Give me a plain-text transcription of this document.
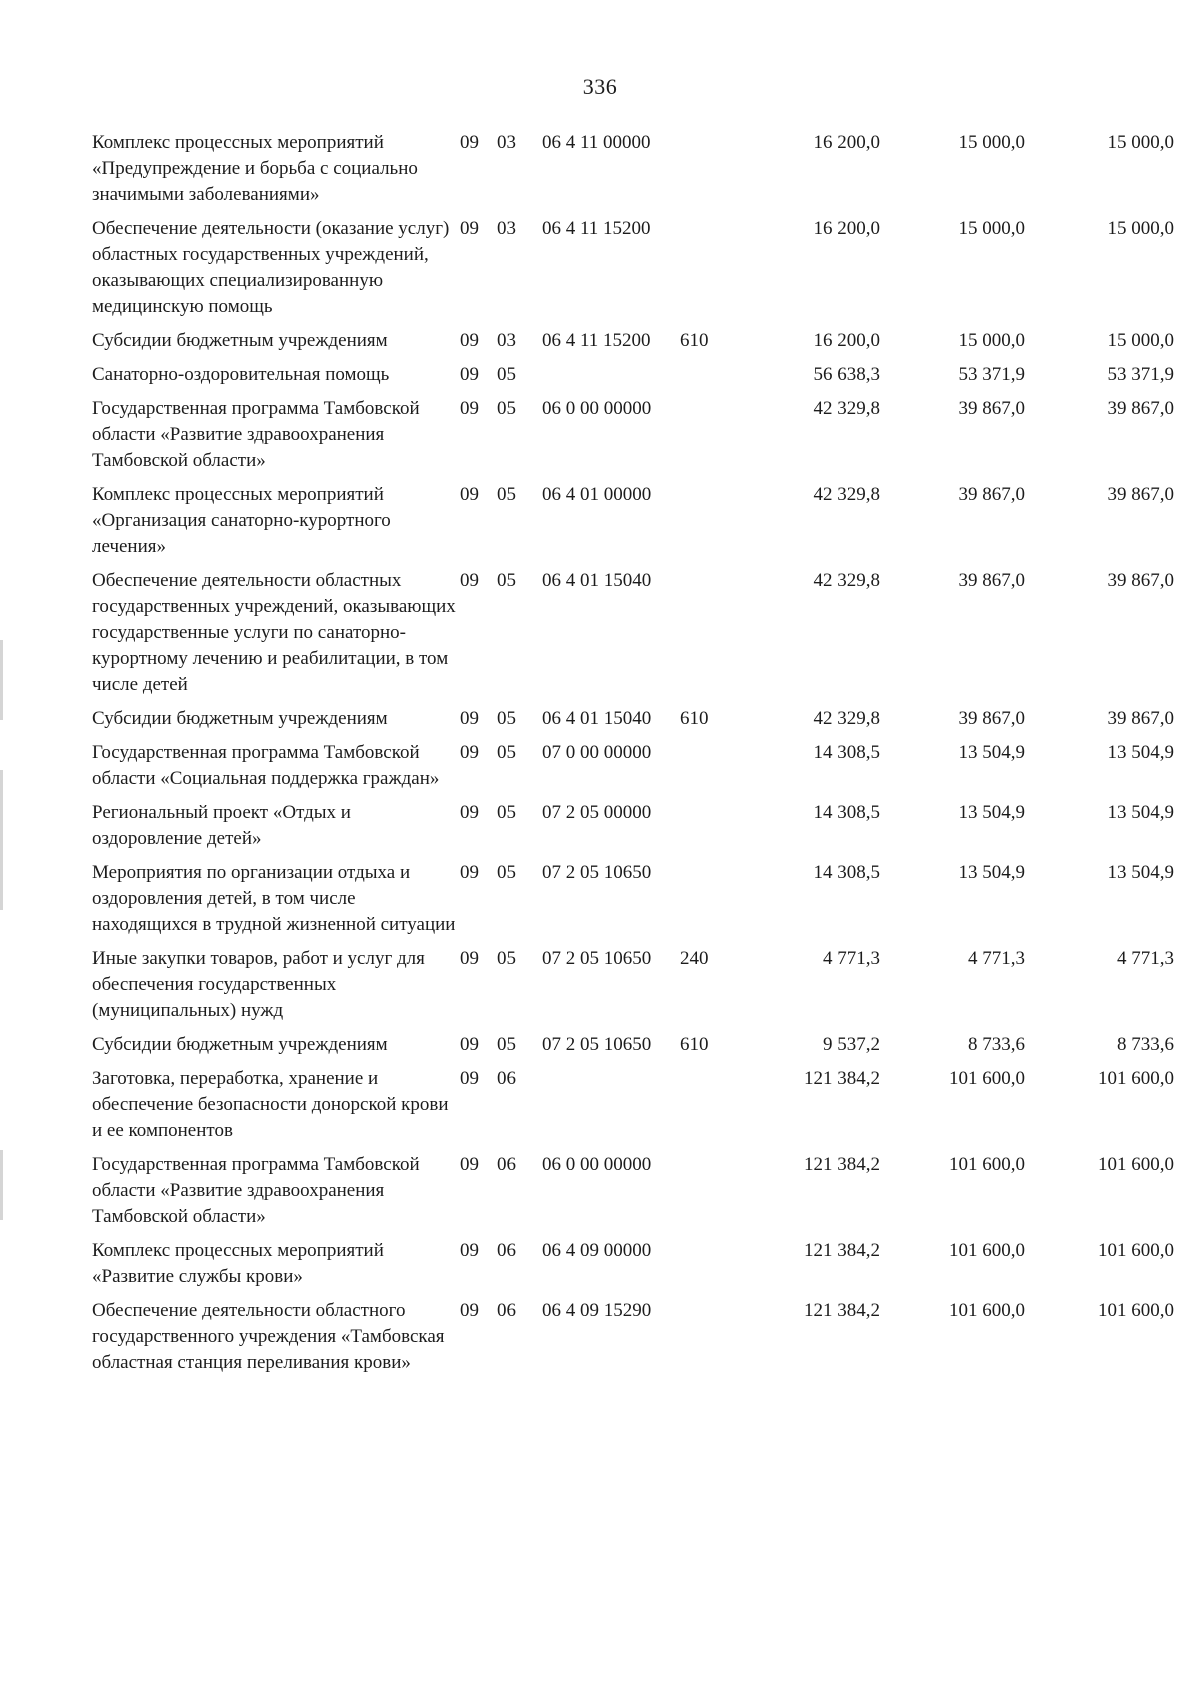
336
Комплекс процессных мероприятий «Предупреждение и борьба с социально значимыми заболеваниями»	09	03	06 4 11 00000		16 200,0	15 000,0	15 000,0
Обеспечение деятельности (оказание услуг) областных государственных учреждений, оказывающих специализированную медицинскую помощь	09	03	06 4 11 15200		16 200,0	15 000,0	15 000,0
Субсидии бюджетным учреждениям	09	03	06 4 11 15200	610	16 200,0	15 000,0	15 000,0
Санаторно-оздоровительная помощь	09	05			56 638,3	53 371,9	53 371,9
Государственная программа Тамбовской области «Развитие здравоохранения Тамбовской области»	09	05	06 0 00 00000		42 329,8	39 867,0	39 867,0
Комплекс процессных мероприятий «Организация санаторно-курортного лечения»	09	05	06 4 01 00000		42 329,8	39 867,0	39 867,0
Обеспечение деятельности областных государственных учреждений, оказывающих государственные услуги по санаторно-курортному лечению и реабилитации, в том числе детей	09	05	06 4 01 15040		42 329,8	39 867,0	39 867,0
Субсидии бюджетным учреждениям	09	05	06 4 01 15040	610	42 329,8	39 867,0	39 867,0
Государственная программа Тамбовской области «Социальная поддержка граждан»	09	05	07 0 00 00000		14 308,5	13 504,9	13 504,9
Региональный проект «Отдых и оздоровление детей»	09	05	07 2 05 00000		14 308,5	13 504,9	13 504,9
Мероприятия по организации отдыха и оздоровления детей, в том числе находящихся в трудной жизненной ситуации	09	05	07 2 05 10650		14 308,5	13 504,9	13 504,9
Иные закупки товаров, работ и услуг для обеспечения государственных (муниципальных) нужд	09	05	07 2 05 10650	240	4 771,3	4 771,3	4 771,3
Субсидии бюджетным учреждениям	09	05	07 2 05 10650	610	9 537,2	8 733,6	8 733,6
Заготовка, переработка, хранение и обеспечение безопасности донорской крови и ее компонентов	09	06			121 384,2	101 600,0	101 600,0
Государственная программа Тамбовской области «Развитие здравоохранения Тамбовской области»	09	06	06 0 00 00000		121 384,2	101 600,0	101 600,0
Комплекс процессных мероприятий «Развитие службы крови»	09	06	06 4 09 00000		121 384,2	101 600,0	101 600,0
Обеспечение деятельности областного государственного учреждения «Тамбовская областная станция переливания крови»	09	06	06 4 09 15290		121 384,2	101 600,0	101 600,0
